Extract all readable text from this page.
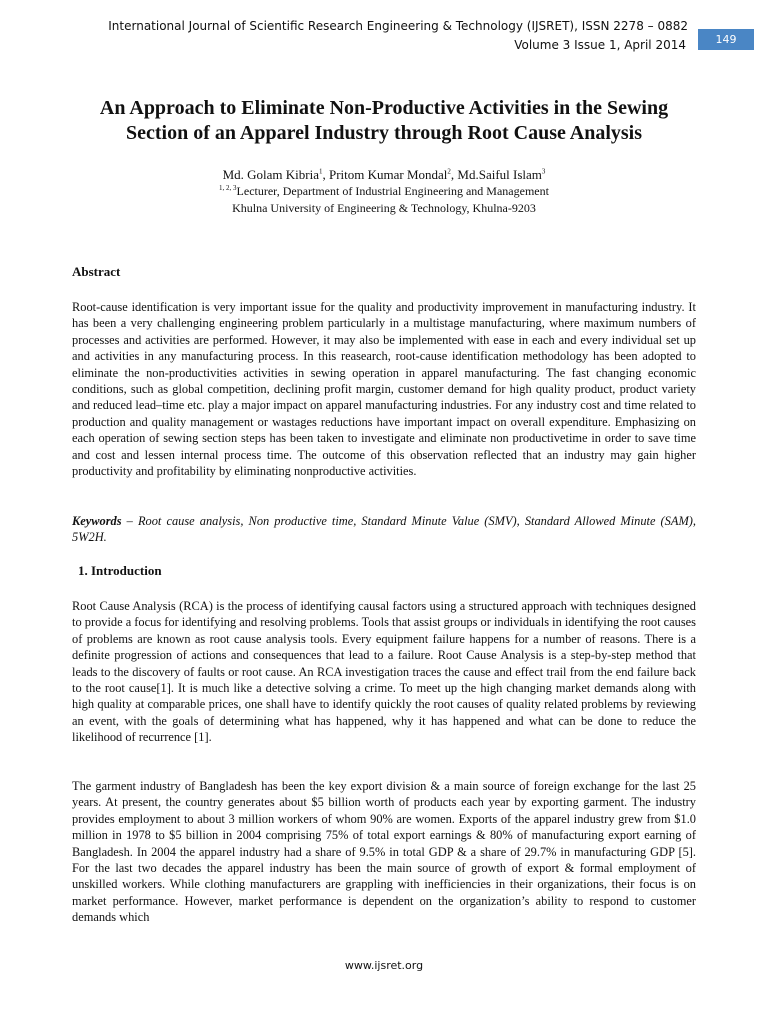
International Journal of Scientific Research Engineering & Technology (IJSRET), ISSN 2278 – 0882
Volume 3 Issue 1, April 2014	149
An Approach to Eliminate Non-Productive Activities in the Sewing
Section of an Apparel Industry through Root Cause Analysis
Md. Golam Kibria$^1$, Pritom Kumar Mondal$^2$, Md.Saiful Islam$^3$
$^{1, 2, 3}$Lecturer, Department of Industrial Engineering and Management
Khulna University of Engineering & Technology, Khulna-9203
Abstract

Root-cause identification is very important issue for the quality and productivity improvement in manufacturing industry. It has been a very challenging engineering problem particularly in a multistage manufacturing, where maximum numbers of processes and activities are performed. However, it may also be implemented with ease in each and every individual set up and activities in any manufacturing process. In this reasearch, root-cause identification methodology has been adopted to eliminate the non-productivities activities in sewing operation in apparel manufacturing. The fast changing economic conditions, such as global competition, declining profit margin, customer demand for high quality product, product variety and reduced lead–time etc. play a major impact on apparel manufacturing industries. For any industry cost and time related to production and quality management or wastages reductions have important impact on overall expenditure. Emphasizing on each operation of sewing section steps has been taken to investigate and eliminate non productivetime in order to save time and cost and lessen internal process time. The outcome of this observation reflected that an industry may gain higher productivity and profitability by eliminating nonproductive activities.

Keywords – Root cause analysis, Non productive time, Standard Minute Value (SMV), Standard Allowed Minute (SAM), 5W2H.
1. Introduction

Root Cause Analysis (RCA) is the process of identifying causal factors using a structured approach with techniques designed to provide a focus for identifying and resolving problems. Tools that assist groups or individuals in identifying the root causes of problems are known as root cause analysis tools. Every equipment failure happens for a number of reasons. There is a definite progression of actions and consequences that lead to a failure. Root Cause Analysis is a step-by-step method that leads to the discovery of faults or root cause. An RCA investigation traces the cause and effect trail from the end failure back to the root cause[1]. It is much like a detective solving a crime. To meet up the high changing market demands along with high quality at comparable prices, one shall have to identify quickly the root causes of quality related problems by reviewing an event, with the goals of determining what has happened, why it has happened and what can be done to reduce the likelihood of recurrence [1].

The garment industry of Bangladesh has been the key export division & a main source of foreign exchange for the last 25 years. At present, the country generates about $5 billion worth of products each year by exporting garment. The industry provides employment to about 3 million workers of whom 90% are women. Exports of the apparel industry grew from $1.0 million in 1978 to $5 billion in 2004 comprising 75% of total export earnings & 80% of manufacturing export earning of Bangladesh. In 2004 the apparel industry had a share of 9.5% in total GDP & a share of 29.7% in manufacturing GDP [5]. For the last two decades the apparel industry has been the main source of growth of export & formal employment of unskilled workers. While clothing manufacturers are grappling with inefficiencies in their organizations, their focus is on market performance. However, market performance is dependent on the organization’s ability to respond to customer demands which

www.ijsret.org
